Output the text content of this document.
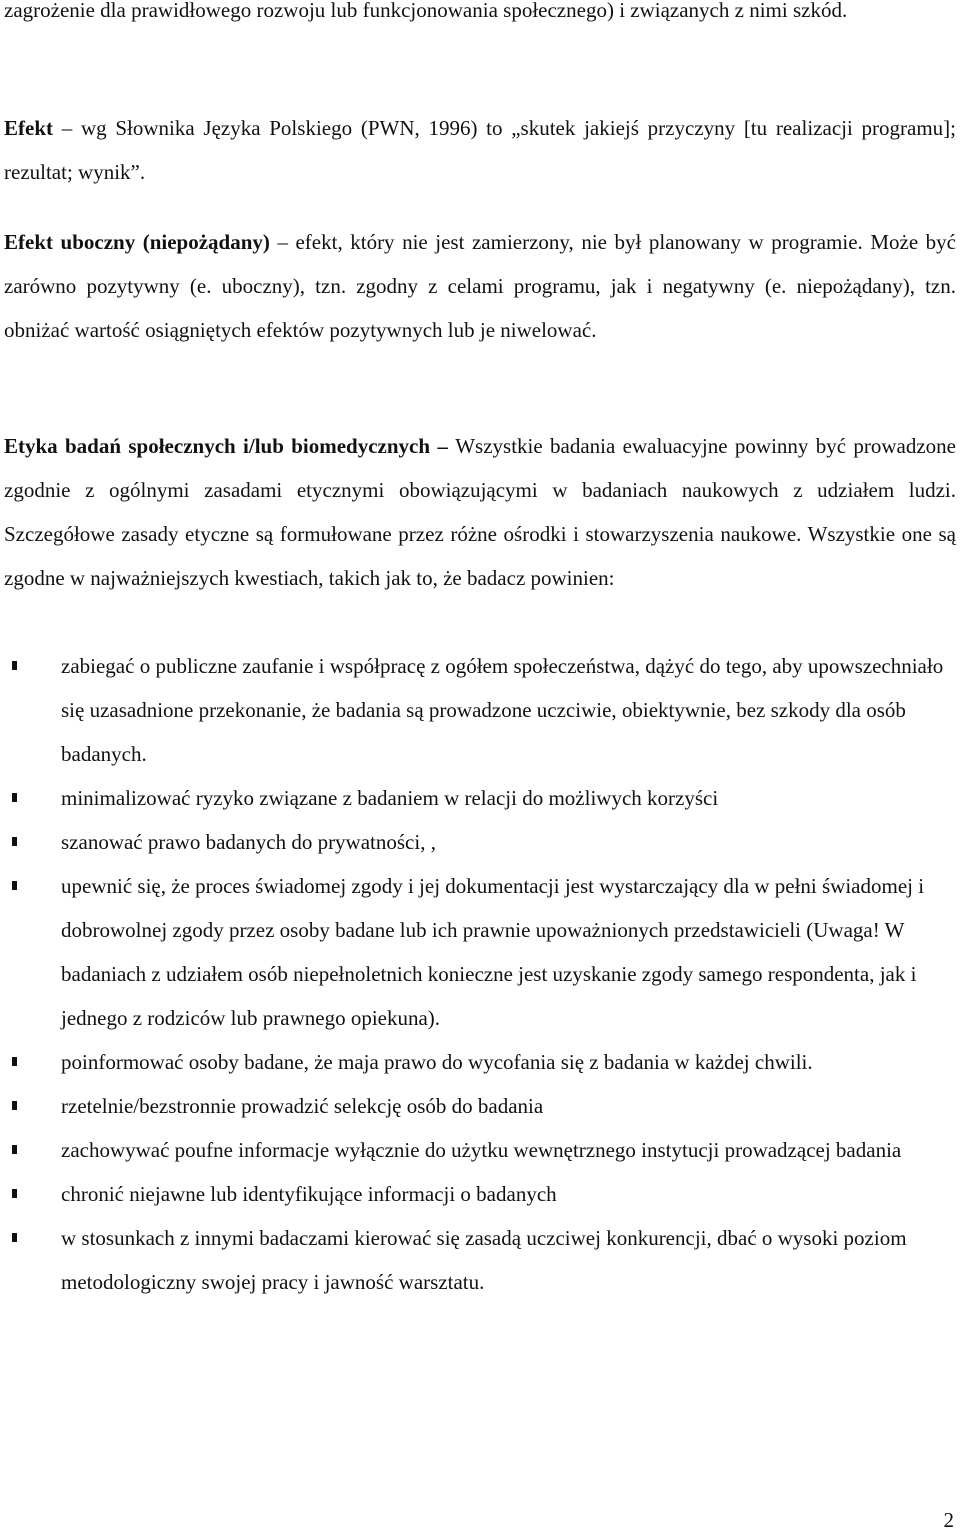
zagrożenie dla prawidłowego rozwoju lub funkcjonowania społecznego) i związanych z nimi szkód.

Efekt – wg Słownika Języka Polskiego (PWN, 1996) to „skutek jakiejś przyczyny [tu realizacji programu]; rezultat; wynik”.

Efekt uboczny (niepożądany) – efekt, który nie jest zamierzony, nie był planowany w programie. Może być zarówno pozytywny (e. uboczny), tzn. zgodny z celami programu, jak i negatywny (e. niepożądany), tzn. obniżać wartość osiągniętych efektów pozytywnych lub je niwelować.

Etyka badań społecznych i/lub biomedycznych – Wszystkie badania ewaluacyjne powinny być prowadzone zgodnie z ogólnymi zasadami etycznymi obowiązującymi w badaniach naukowych z udziałem ludzi. Szczegółowe zasady etyczne są formułowane przez różne ośrodki i stowarzyszenia naukowe. Wszystkie one są zgodne w najważniejszych kwestiach, takich jak to, że badacz powinien:

zabiegać o publiczne zaufanie i współpracę z ogółem społeczeństwa, dążyć do tego, aby upowszechniało się uzasadnione przekonanie, że badania są prowadzone uczciwie, obiektywnie, bez szkody dla osób badanych.
minimalizować ryzyko związane z badaniem w relacji do możliwych korzyści
szanować prawo badanych do prywatności, ,
upewnić się, że proces świadomej zgody i jej dokumentacji jest wystarczający dla w pełni świadomej i dobrowolnej zgody przez osoby badane lub ich prawnie upoważnionych przedstawicieli (Uwaga! W badaniach z udziałem osób niepełnoletnich konieczne jest uzyskanie zgody samego respondenta, jak i jednego z rodziców lub prawnego opiekuna).
poinformować osoby badane, że maja prawo do wycofania się z badania w każdej chwili.
rzetelnie/bezstronnie prowadzić selekcję osób do badania
zachowywać poufne informacje wyłącznie do użytku wewnętrznego instytucji prowadzącej badania
chronić niejawne lub identyfikujące informacji o badanych
w stosunkach z innymi badaczami kierować się zasadą uczciwej konkurencji, dbać o wysoki poziom metodologiczny swojej pracy i jawność warsztatu.
2
